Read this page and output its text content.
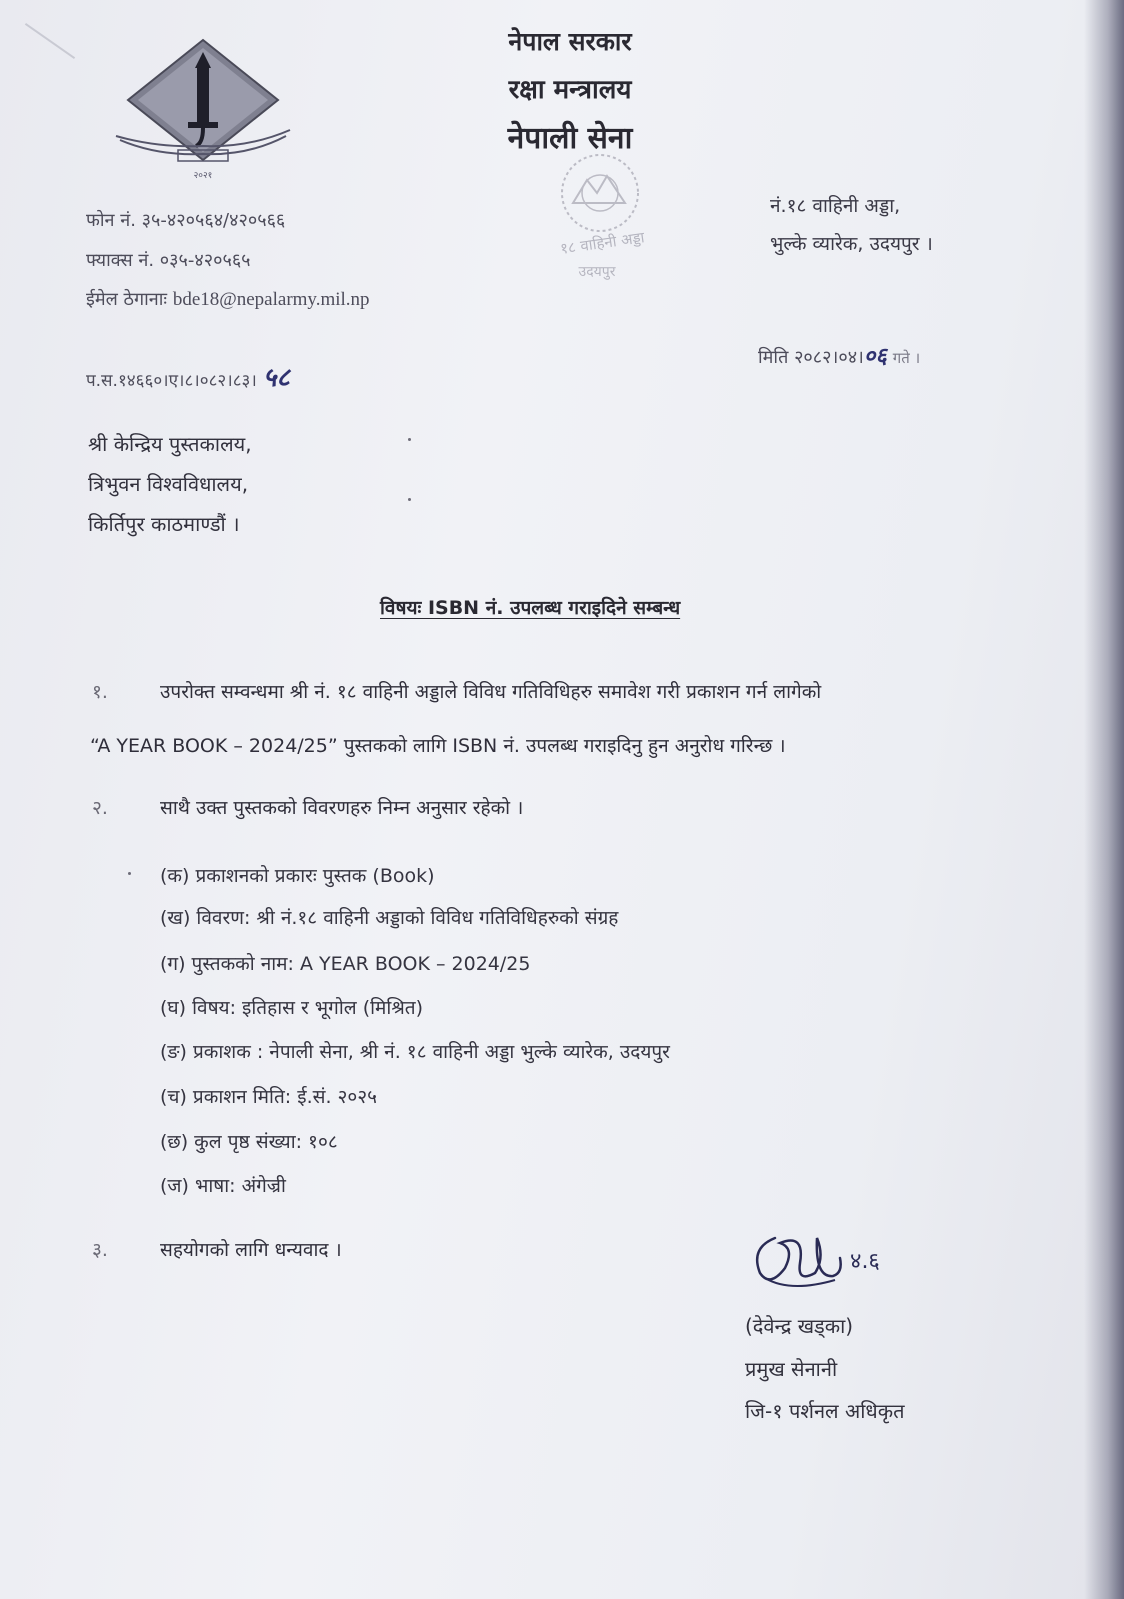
२०२१
नेपाल सरकार
रक्षा मन्त्रालय
नेपाली सेना
१८ वाहिनी अड्डा
उदयपुर
फोन नं. ३५-४२०५६४/४२०५६६
फ्याक्स नं. ०३५-४२०५६५
ईमेल ठेगानाः bde18@nepalarmy.mil.np
नं.१८ वाहिनी अड्डा,
भुल्के व्यारेक, उदयपुर ।
प.स.१४६६०।ए।८।०८२।८३। ५८
मिति २०८२।०४।०६ गते ।
श्री केन्द्रिय पुस्तकालय,
त्रिभुवन विश्वविधालय,
किर्तिपुर काठमाण्डौं ।
विषयः ISBN नं. उपलब्ध गराइदिने सम्बन्ध
१.	उपरोक्त सम्वन्धमा श्री नं. १८ वाहिनी अड्डाले विविध गतिविधिहरु समावेश गरी प्रकाशन गर्न लागेको
“A YEAR BOOK – 2024/25” पुस्तकको लागि ISBN नं. उपलब्ध गराइदिनु हुन अनुरोध गरिन्छ ।
२.	साथै उक्त पुस्तकको विवरणहरु निम्न अनुसार रहेको ।
(क) प्रकाशनको प्रकारः पुस्तक (Book)
(ख) विवरण: श्री नं.१८ वाहिनी अड्डाको विविध गतिविधिहरुको संग्रह
(ग) पुस्तकको नाम: A YEAR BOOK – 2024/25
(घ) विषय: इतिहास र भूगोल (मिश्रित)
(ङ) प्रकाशक : नेपाली सेना, श्री नं. १८ वाहिनी अड्डा भुल्के व्यारेक, उदयपुर
(च) प्रकाशन मिति: ई.सं. २०२५
(छ) कुल पृष्ठ संख्या: १०८
(ज) भाषा: अंगेज्री
३.	सहयोगको लागि धन्यवाद ।	४.६
(देवेन्द्र खड्का)
प्रमुख सेनानी
जि-१ पर्शनल अधिकृत
